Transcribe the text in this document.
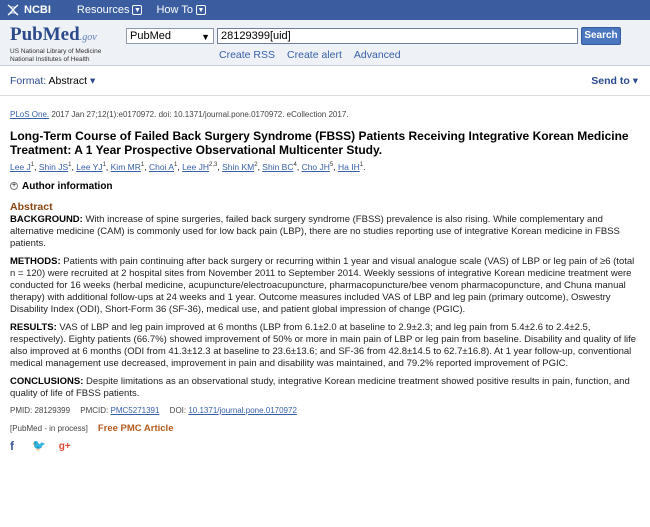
NCBI Resources ▼ How To ▼
PubMed.gov
US National Library of Medicine
National Institutes of Health
PubMed	▼	28129399[uid]	Search
Create RSS Create alert Advanced
Format: Abstract ▾	Send to ▾
PLoS One. 2017 Jan 27;12(1):e0170972. doi: 10.1371/journal.pone.0170972. eCollection 2017.
Long-Term Course of Failed Back Surgery Syndrome (FBSS) Patients Receiving Integrative Korean Medicine Treatment: A 1 Year Prospective Observational Multicenter Study.
Lee $J^1$, Shin $JS^1$, Lee $YJ^1$, Kim $MR^1$, Choi $A^1$, Lee JH$^{2,3}$, Shin $KM^2$, Shin $BC^4$, Cho $JH^5$, Ha $IH^1$.
+ Author information
Abstract
BACKGROUND: With increase of spine surgeries, failed back surgery syndrome (FBSS) prevalence is also rising. While complementary and alternative medicine (CAM) is commonly used for low back pain (LBP), there are no studies reporting use of integrative Korean medicine in FBSS patients.
METHODS: Patients with pain continuing after back surgery or recurring within 1 year and visual analogue scale (VAS) of LBP or leg pain of ≥6 (total n = 120) were recruited at 2 hospital sites from November 2011 to September 2014. Weekly sessions of integrative Korean medicine treatment were conducted for 16 weeks (herbal medicine, acupuncture/electroacupuncture, pharmacopuncture/bee venom pharmacopuncture, and Chuna manual therapy) with additional follow-ups at 24 weeks and 1 year. Outcome measures included VAS of LBP and leg pain (primary outcome), Oswestry Disability Index (ODI), Short-Form 36 (SF-36), medical use, and patient global impression of change (PGIC).
RESULTS: VAS of LBP and leg pain improved at 6 months (LBP from 6.1±2.0 at baseline to 2.9±2.3; and leg pain from 5.4±2.6 to 2.4±2.5, respectively). Eighty patients (66.7%) showed improvement of 50% or more in main pain of LBP or leg pain from baseline. Disability and quality of life also improved at 6 months (ODI from 41.3±12.3 at baseline to 23.6±13.6; and SF-36 from 42.8±14.5 to 62.7±16.8). At 1 year follow-up, conventional medical management use decreased, improvement in pain and disability was maintained, and 79.2% reported improvement of PGIC.
CONCLUSIONS: Despite limitations as an observational study, integrative Korean medicine treatment showed positive results in pain, function, and quality of life of FBSS patients.
PMID: 28129399 PMCID: PMC5271391 DOI: 10.1371/journal.pone.0170972
[PubMed - in process] Free PMC Article
f	🐦 g+
